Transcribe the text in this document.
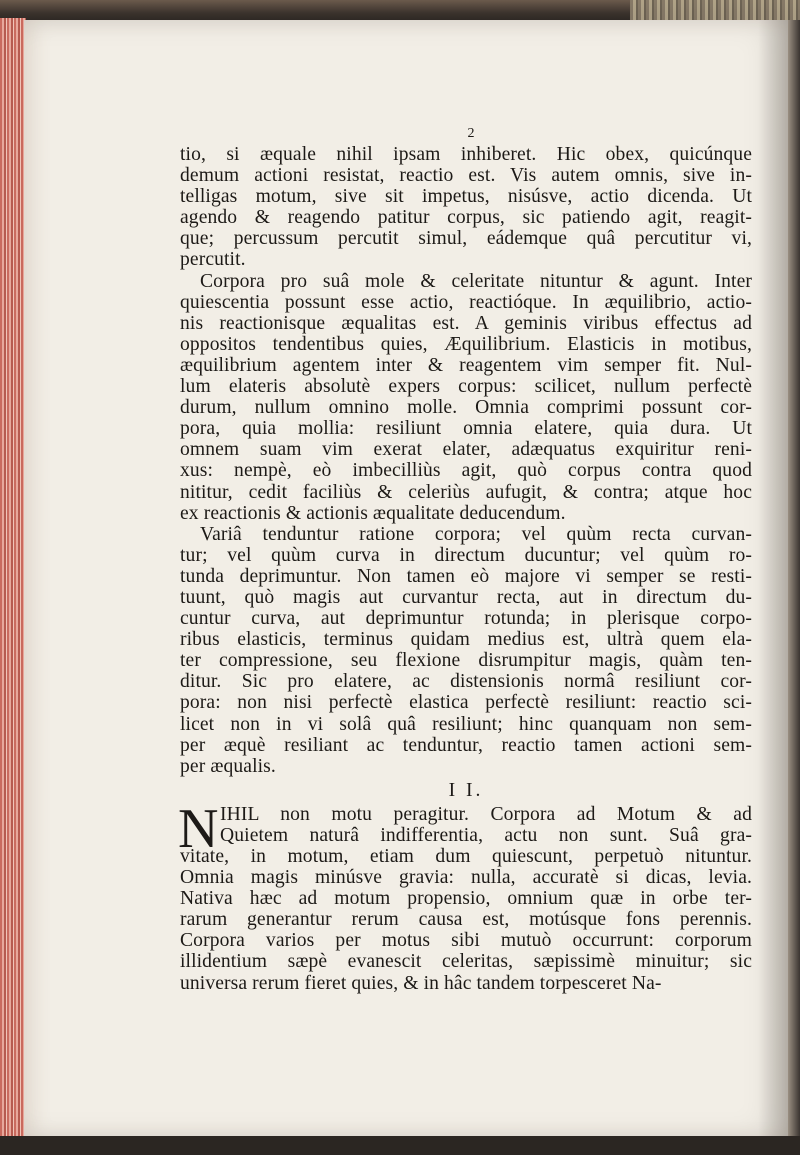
2
tio, si æquale nihil ipsam inhiberet. Hic obex, quicúnque
demum actioni resistat, reactio est. Vis autem omnis, sive in-
telligas motum, sive sit impetus, nisúsve, actio dicenda. Ut
agendo & reagendo patitur corpus, sic patiendo agit, reagit-
que; percussum percutit simul, eádemque quâ percutitur vi,
percutit.
Corpora pro suâ mole & celeritate nituntur & agunt. Inter
quiescentia possunt esse actio, reactióque. In æquilibrio, actio-
nis reactionisque æqualitas est. A geminis viribus effectus ad
oppositos tendentibus quies, Æquilibrium. Elasticis in motibus,
æquilibrium agentem inter & reagentem vim semper fit. Nul-
lum elateris absolutè expers corpus: scilicet, nullum perfectè
durum, nullum omnino molle. Omnia comprimi possunt cor-
pora, quia mollia: resiliunt omnia elatere, quia dura. Ut
omnem suam vim exerat elater, adæquatus exquiritur reni-
xus: nempè, eò imbecilliùs agit, quò corpus contra quod
nititur, cedit faciliùs & celeriùs aufugit, & contra; atque hoc
ex reactionis & actionis æqualitate deducendum.
Variâ tenduntur ratione corpora; vel quùm recta curvan-
tur; vel quùm curva in directum ducuntur; vel quùm ro-
tunda deprimuntur. Non tamen eò majore vi semper se resti-
tuunt, quò magis aut curvantur recta, aut in directum du-
cuntur curva, aut deprimuntur rotunda; in plerisque corpo-
ribus elasticis, terminus quidam medius est, ultrà quem ela-
ter compressione, seu flexione disrumpitur magis, quàm ten-
ditur. Sic pro elatere, ac distensionis normâ resiliunt cor-
pora: non nisi perfectè elastica perfectè resiliunt: reactio sci-
licet non in vi solâ quâ resiliunt; hinc quanquam non sem-
per æquè resiliant ac tenduntur, reactio tamen actioni sem-
per æqualis.
I I.
N IHIL non motu peragitur. Corpora ad Motum & ad
Quietem naturâ indifferentia, actu non sunt. Suâ gra-
vitate, in motum, etiam dum quiescunt, perpetuò nituntur.
Omnia magis minúsve gravia: nulla, accuratè si dicas, levia.
Nativa hæc ad motum propensio, omnium quæ in orbe ter-
rarum generantur rerum causa est, motúsque fons perennis.
Corpora varios per motus sibi mutuò occurrunt: corporum
illidentium sæpè evanescit celeritas, sæpissimè minuitur; sic
universa rerum fieret quies, & in hâc tandem torpesceret Na-
